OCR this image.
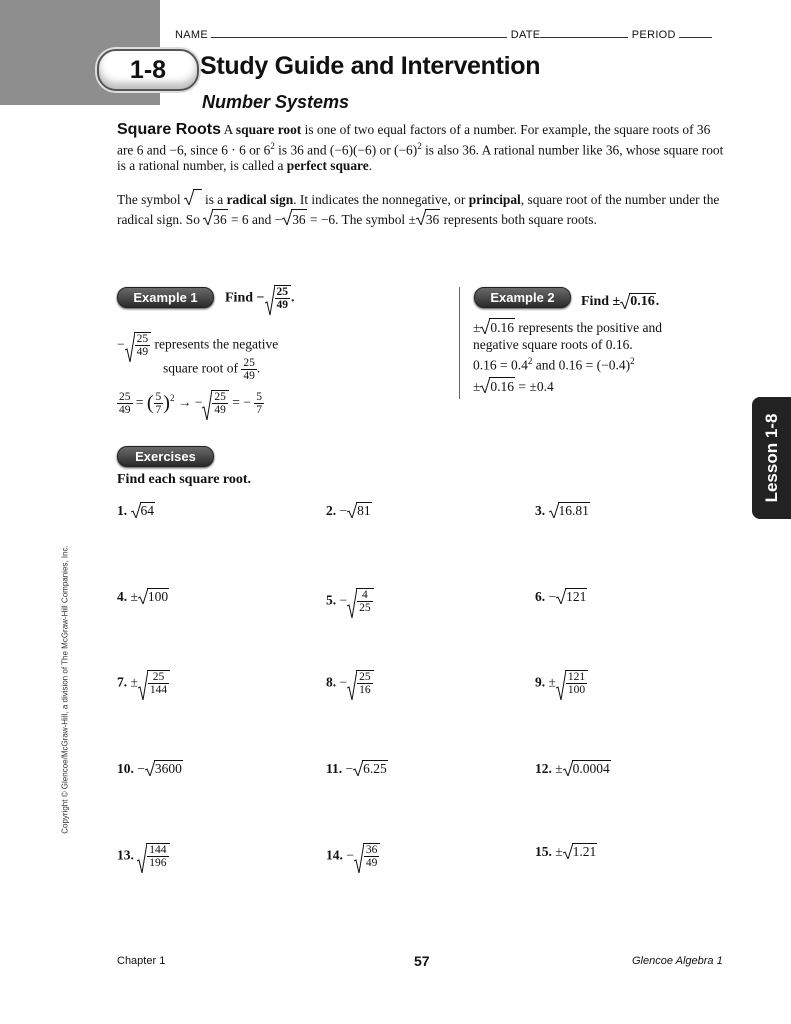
NAME	DATE	PERIOD
1-8	Study Guide and Intervention
Number Systems
Square Roots A square root is one of two equal factors of a number. For example, the square roots of 36 are 6 and −6, since 6 · 6 or $6^2$ is 36 and (−6)(−6) or $(-6)^2$ is also 36. A rational number like 36, whose square root is a rational number, is called a perfect square.
The symbol
is a radical sign. It indicates the nonnegative, or principal, square root of the number under the radical sign. So
36 = 6 and − 36 = −6. The symbol ± 36 represents both square roots.
Example 1	Find − $\frac{25}{49}$ .
− $\frac{25}{49}$ represents the negative
square root of $\frac{25}{49}$ .
$\frac{25}{49}$ = ( $\frac{5}{7} )^2$ → − $\frac{25}{49}$ = − $\frac{5}{7}$
Example 2	Find ± 0.16.
± 0.16 represents the positive and
negative square roots of 0.16.
$0.16 = 0.4^2$ and $0.16 = (-0.4)^2$
± 0.16 = ±0.4
Exercises
Find each square root.
1. 64	2. − 81	3. 16.81
4. ± 100	5. − $\frac{4}{25}$	6. − 121
7. ± $\frac{25}{144}$	8. − $\frac{25}{16}$	9. ± $\frac{121}{100}$
10. − 3600	11. − 6.25	12. ± 0.0004
13. $\frac{144}{196}$	14. − $\frac{36}{49}$	15. ± 1.21
Lesson 1-8
Copyright © Glencoe/McGraw-Hill, a division of The McGraw-Hill Companies, Inc.
Chapter 1	57	Glencoe Algebra 1
